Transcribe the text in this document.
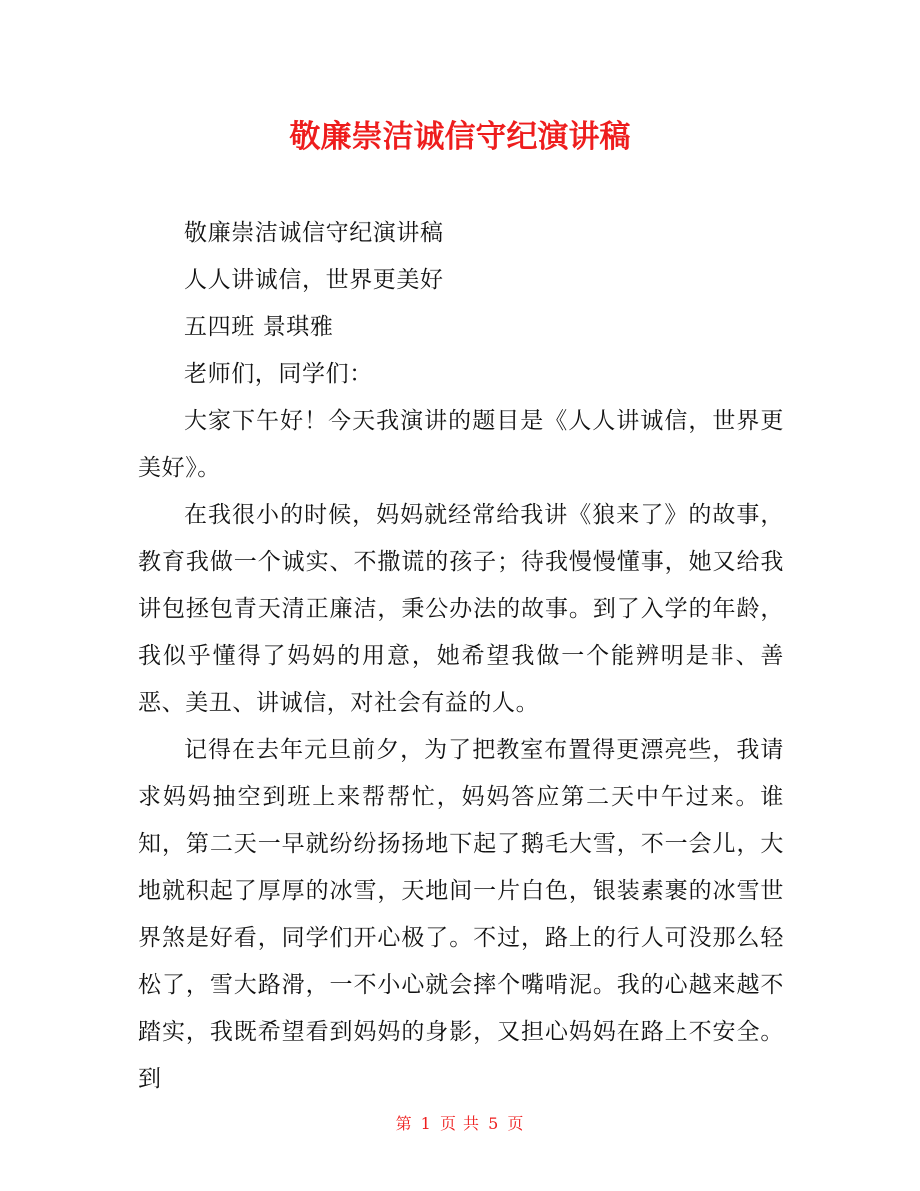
敬廉崇洁诚信守纪演讲稿

敬廉崇洁诚信守纪演讲稿

人人讲诚信，世界更美好

五四班 景琪雅

老师们，同学们：

大家下午好！今天我演讲的题目是《人人讲诚信，世界更美好》。

在我很小的时候，妈妈就经常给我讲《狼来了》的故事，教育我做一个诚实、不撒谎的孩子；待我慢慢懂事，她又给我讲包拯包青天清正廉洁，秉公办法的故事。到了入学的年龄，我似乎懂得了妈妈的用意，她希望我做一个能辨明是非、善恶、美丑、讲诚信，对社会有益的人。

记得在去年元旦前夕，为了把教室布置得更漂亮些，我请求妈妈抽空到班上来帮帮忙，妈妈答应第二天中午过来。谁知，第二天一早就纷纷扬扬地下起了鹅毛大雪，不一会儿，大地就积起了厚厚的冰雪，天地间一片白色，银装素裹的冰雪世界煞是好看，同学们开心极了。不过，路上的行人可没那么轻松了，雪大路滑，一不小心就会摔个嘴啃泥。我的心越来越不踏实，我既希望看到妈妈的身影，又担心妈妈在路上不安全。到

第 1 页 共 5 页
